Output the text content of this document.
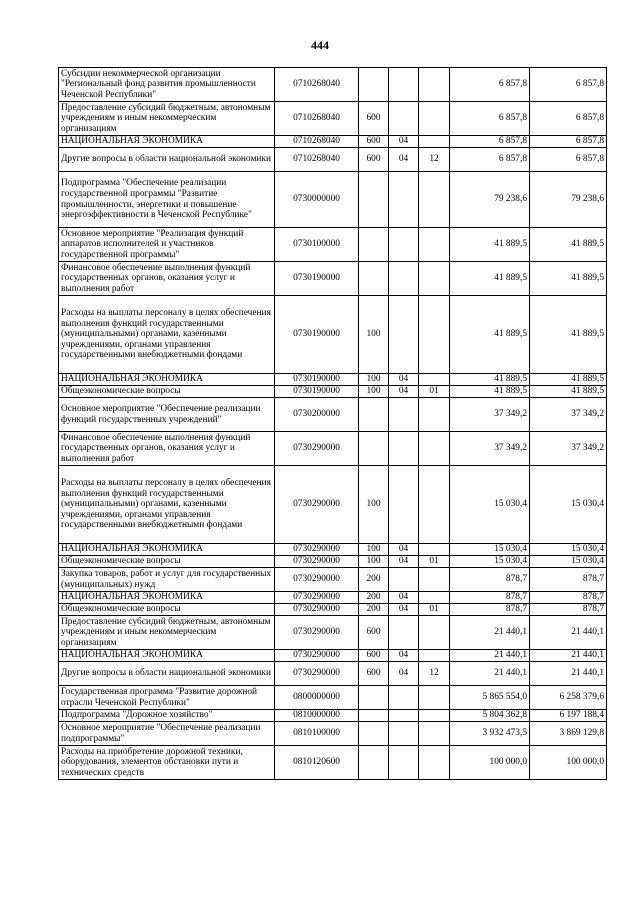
444
Субсидии некоммерческой организации "Региональный фонд развития промышленности Чеченской Республики"	0710268040				6 857,8	6 857,8
Предоставление субсидий бюджетным, автономным учреждениям и иным некоммерческим организациям	0710268040	600			6 857,8	6 857,8
НАЦИОНАЛЬНАЯ ЭКОНОМИКА	0710268040	600	04		6 857,8	6 857,8
Другие вопросы в области национальной экономики	0710268040	600	04	12	6 857,8	6 857,8
Подпрограмма "Обеспечение реализации государственной программы "Развитие промышленности, энергетики и повышение энергоэффективности в Чеченской Республике"	0730000000				79 238,6	79 238,6
Основное мероприятие "Реализация функций аппаратов исполнителей и участников государственной программы"	0730100000				41 889,5	41 889,5
Финансовое обеспечение выполнения функций государственных органов, оказания услуг и выполнения работ	0730190000				41 889,5	41 889,5
Расходы на выплаты персоналу в целях обеспечения выполнения функций государственными (муниципальными) органами, казенными учреждениями, органами управления государственными внебюджетными фондами	0730190000	100			41 889,5	41 889,5
НАЦИОНАЛЬНАЯ ЭКОНОМИКА	0730190000	100	04		41 889,5	41 889,5
Общеэкономические вопросы	0730190000	100	04	01	41 889,5	41 889,5
Основное мероприятие "Обеспечение реализации функций государственных учреждений"	0730200000				37 349,2	37 349,2
Финансовое обеспечение выполнения функций государственных органов, оказания услуг и выполнения работ	0730290000				37 349,2	37 349,2
Расходы на выплаты персоналу в целях обеспечения выполнения функций государственными (муниципальными) органами, казенными учреждениями, органами управления государственными внебюджетными фондами	0730290000	100			15 030,4	15 030,4
НАЦИОНАЛЬНАЯ ЭКОНОМИКА	0730290000	100	04		15 030,4	15 030,4
Общеэкономические вопросы	0730290000	100	04	01	15 030,4	15 030,4
Закупка товаров, работ и услуг для государственных (муниципальных) нужд	0730290000	200			878,7	878,7
НАЦИОНАЛЬНАЯ ЭКОНОМИКА	0730290000	200	04		878,7	878,7
Общеэкономические вопросы	0730290000	200	04	01	878,7	878,7
Предоставление субсидий бюджетным, автономным учреждениям и иным некоммерческим организациям	0730290000	600			21 440,1	21 440,1
НАЦИОНАЛЬНАЯ ЭКОНОМИКА	0730290000	600	04		21 440,1	21 440,1
Другие вопросы в области национальной экономики	0730290000	600	04	12	21 440,1	21 440,1
Государственная программа "Развитие дорожной отрасли Чеченской Республики"	0800000000				5 865 554,0	6 258 379,6
Подпрограмма "Дорожное хозяйство"	0810000000				5 804 362,8	6 197 188,4
Основное мероприятие "Обеспечение реализации подпрограммы"	0810100000				3 932 473,5	3 869 129,8
Расходы на приобретение дорожной техники, оборудования, элементов обстановки пути и технических средств	0810120600				100 000,0	100 000,0
